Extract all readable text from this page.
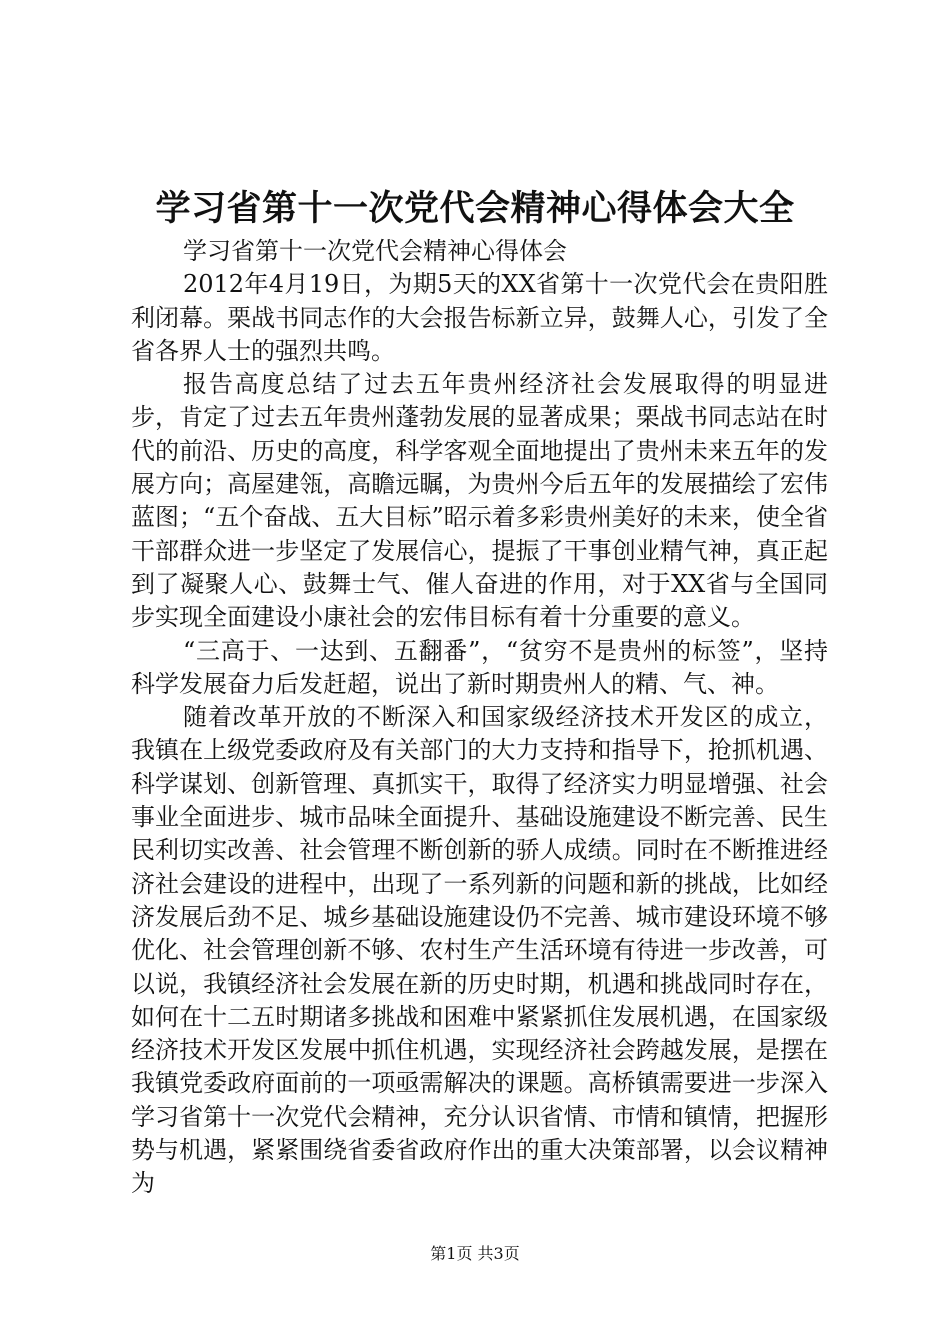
学习省第十一次党代会精神心得体会大全

学习省第十一次党代会精神心得体会

2012年4月19日，为期5天的XX省第十一次党代会在贵阳胜利闭幕。栗战书同志作的大会报告标新立异，鼓舞人心，引发了全省各界人士的强烈共鸣。

报告高度总结了过去五年贵州经济社会发展取得的明显进步，肯定了过去五年贵州蓬勃发展的显著成果；栗战书同志站在时代的前沿、历史的高度，科学客观全面地提出了贵州未来五年的发展方向；高屋建瓴，高瞻远瞩，为贵州今后五年的发展描绘了宏伟蓝图；“五个奋战、五大目标”昭示着多彩贵州美好的未来，使全省干部群众进一步坚定了发展信心，提振了干事创业精气神，真正起到了凝聚人心、鼓舞士气、催人奋进的作用，对于XX省与全国同步实现全面建设小康社会的宏伟目标有着十分重要的意义。

“三高于、一达到、五翻番”，“贫穷不是贵州的标签”，坚持科学发展奋力后发赶超，说出了新时期贵州人的精、气、神。

随着改革开放的不断深入和国家级经济技术开发区的成立，我镇在上级党委政府及有关部门的大力支持和指导下，抢抓机遇、科学谋划、创新管理、真抓实干，取得了经济实力明显增强、社会事业全面进步、城市品味全面提升、基础设施建设不断完善、民生民利切实改善、社会管理不断创新的骄人成绩。同时在不断推进经济社会建设的进程中，出现了一系列新的问题和新的挑战，比如经济发展后劲不足、城乡基础设施建设仍不完善、城市建设环境不够优化、社会管理创新不够、农村生产生活环境有待进一步改善，可以说，我镇经济社会发展在新的历史时期，机遇和挑战同时存在，如何在十二五时期诸多挑战和困难中紧紧抓住发展机遇，在国家级经济技术开发区发展中抓住机遇，实现经济社会跨越发展，是摆在我镇党委政府面前的一项亟需解决的课题。高桥镇需要进一步深入学习省第十一次党代会精神，充分认识省情、市情和镇情，把握形势与机遇，紧紧围绕省委省政府作出的重大决策部署，以会议精神为

第1页 共3页
